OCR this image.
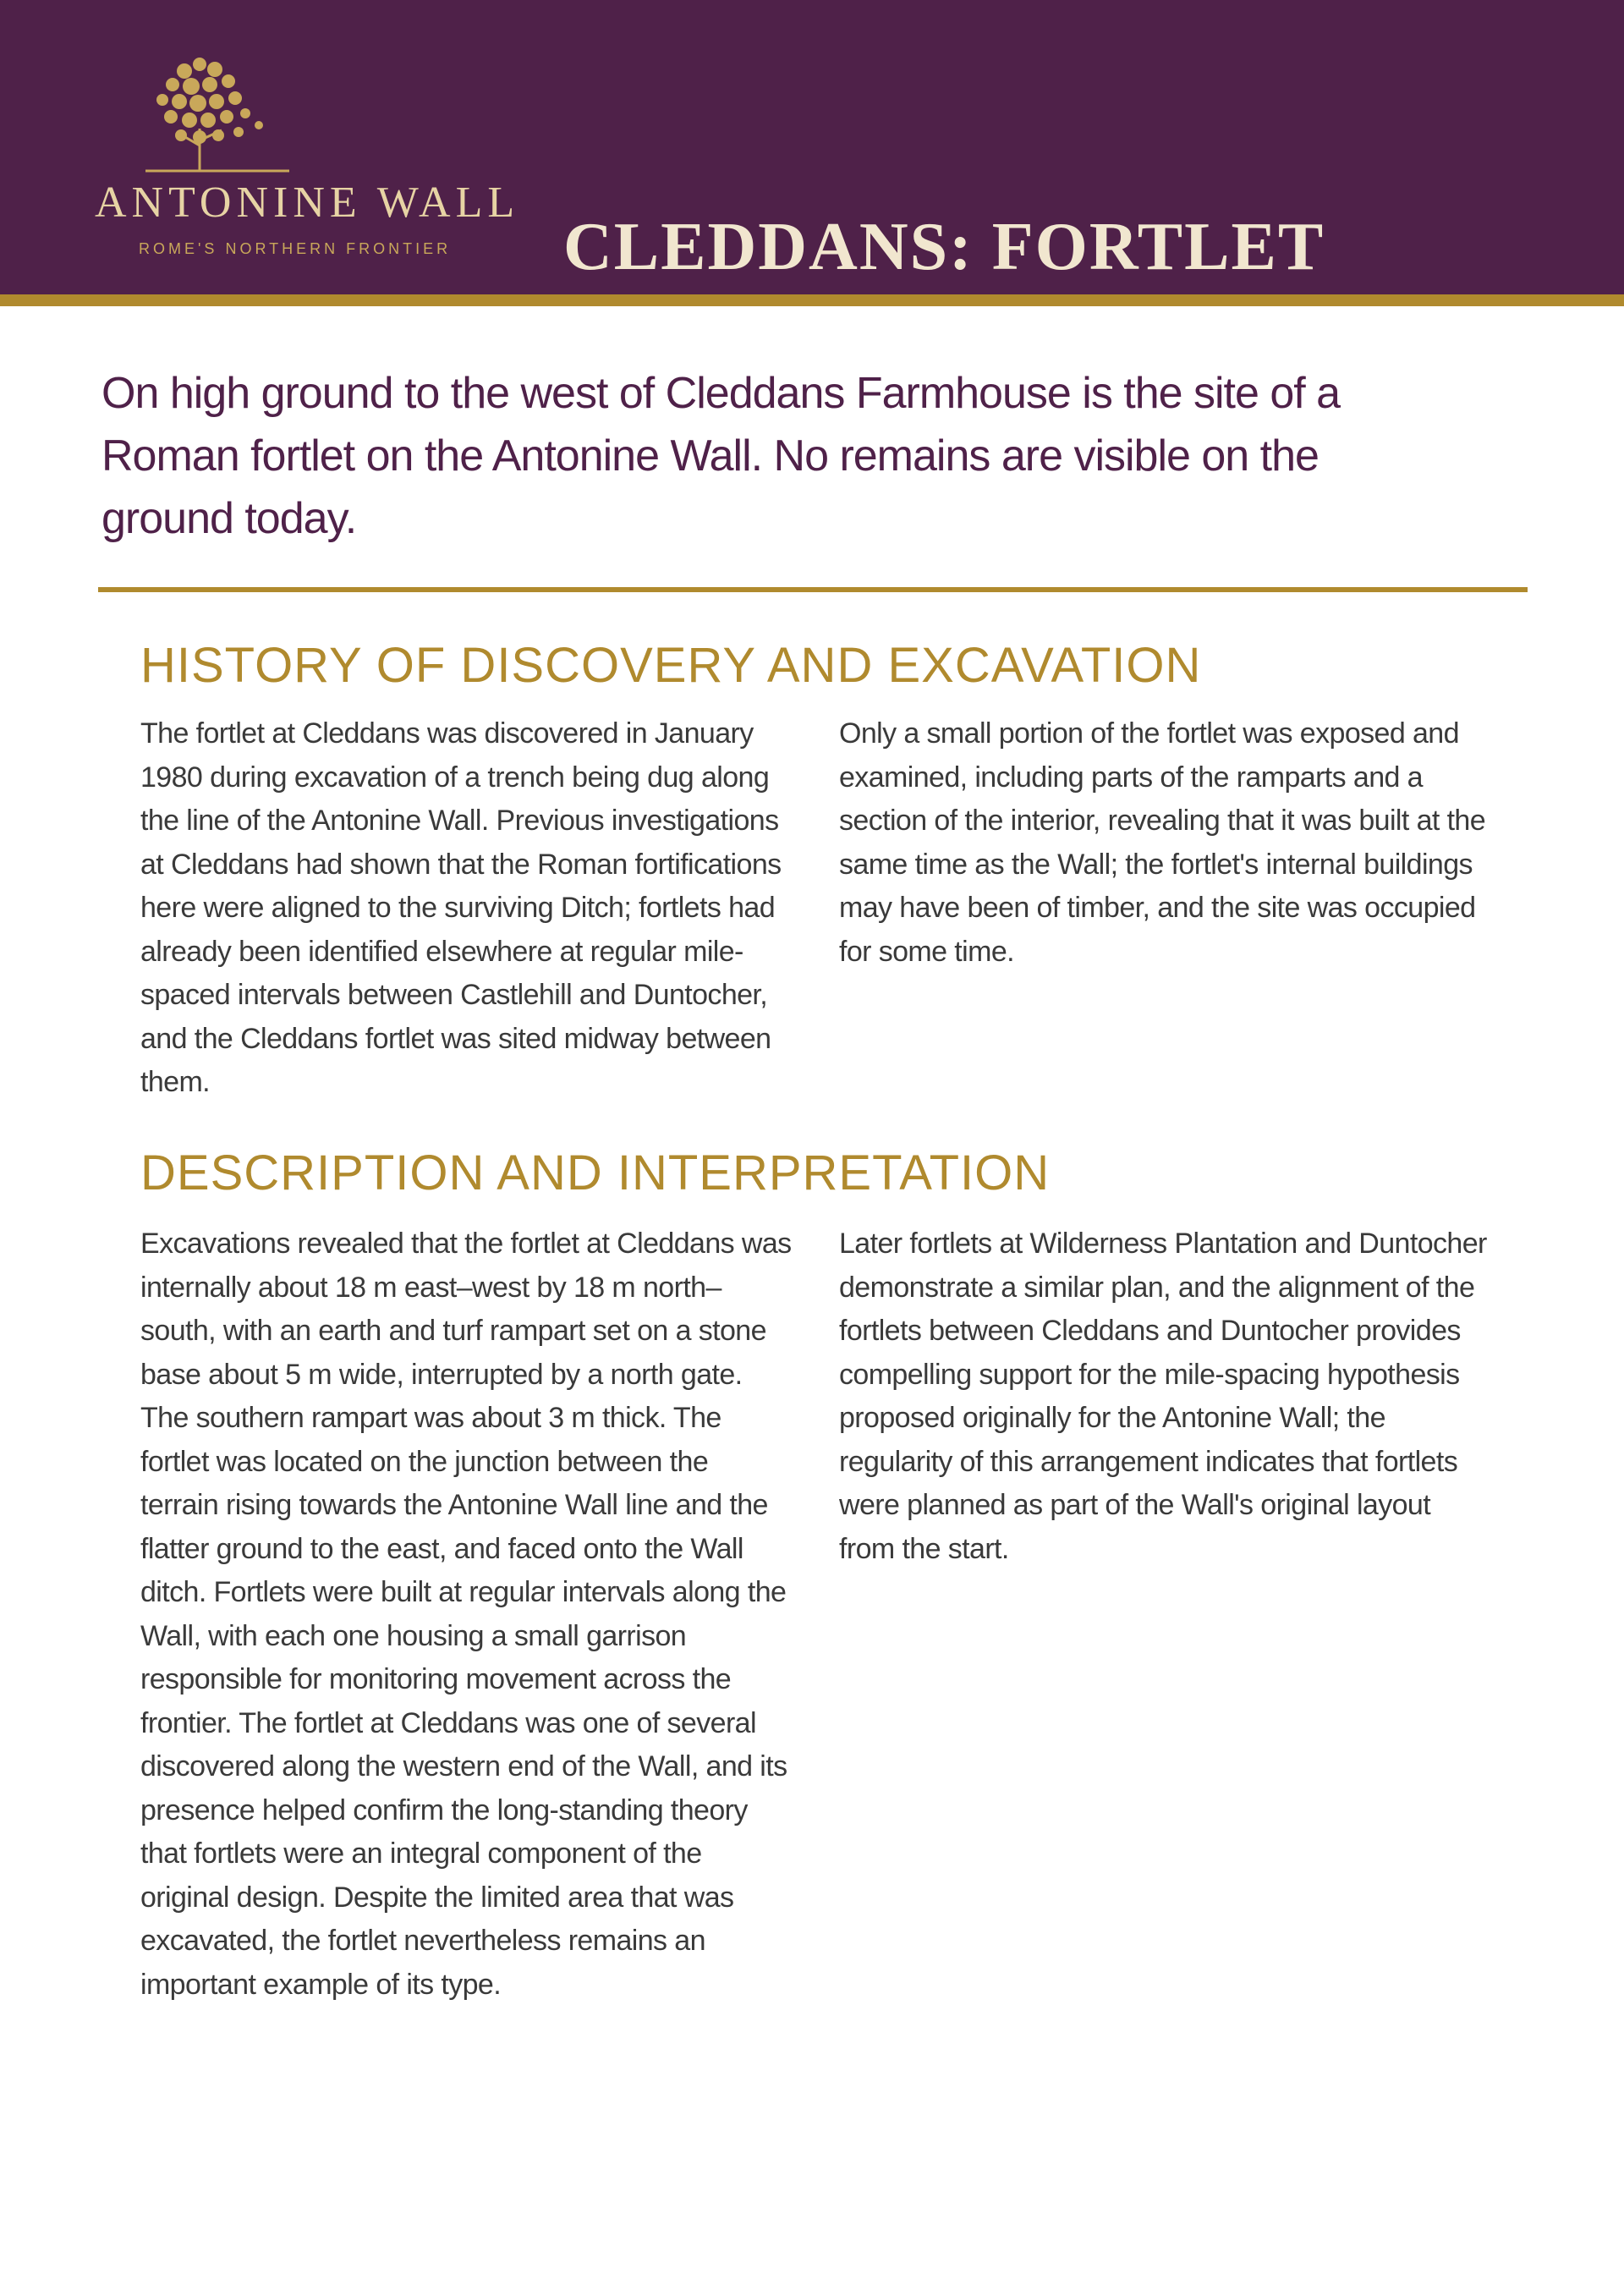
ANTONINE WALL
ROME'S NORTHERN FRONTIER CLEDDANS: FORTLET

On high ground to the west of Cleddans Farmhouse is the site of a Roman fortlet on the Antonine Wall. No remains are visible on the ground today.

HISTORY OF DISCOVERY AND EXCAVATION

The fortlet at Cleddans was discovered in January 1980 during excavation of a trench being dug along the line of the Antonine Wall. Previous investigations at Cleddans had shown that the Roman fortifications here were aligned to the surviving Ditch; fortlets had already been identified elsewhere at regular mile-spaced intervals between Castlehill and Duntocher, and the Cleddans fortlet was sited midway between them.

Only a small portion of the fortlet was exposed and examined, including parts of the ramparts and a section of the interior, revealing that it was built at the same time as the Wall; the fortlet's internal buildings may have been of timber, and the site was occupied for some time.

DESCRIPTION AND INTERPRETATION

Excavations revealed that the fortlet at Cleddans was internally about 18 m east–west by 18 m north–south, with an earth and turf rampart set on a stone base about 5 m wide, interrupted by a north gate. The southern rampart was about 3 m thick. The fortlet was located on the junction between the terrain rising towards the Antonine Wall line and the flatter ground to the east, and faced onto the Wall ditch. Fortlets were built at regular intervals along the Wall, with each one housing a small garrison responsible for monitoring movement across the frontier. The fortlet at Cleddans was one of several discovered along the western end of the Wall, and its presence helped confirm the long-standing theory that fortlets were an integral component of the original design. Despite the limited area that was excavated, the fortlet nevertheless remains an important example of its type.

Later fortlets at Wilderness Plantation and Duntocher demonstrate a similar plan, and the alignment of the fortlets between Cleddans and Duntocher provides compelling support for the mile-spacing hypothesis proposed originally for the Antonine Wall; the regularity of this arrangement indicates that fortlets were planned as part of the Wall's original layout from the start.
